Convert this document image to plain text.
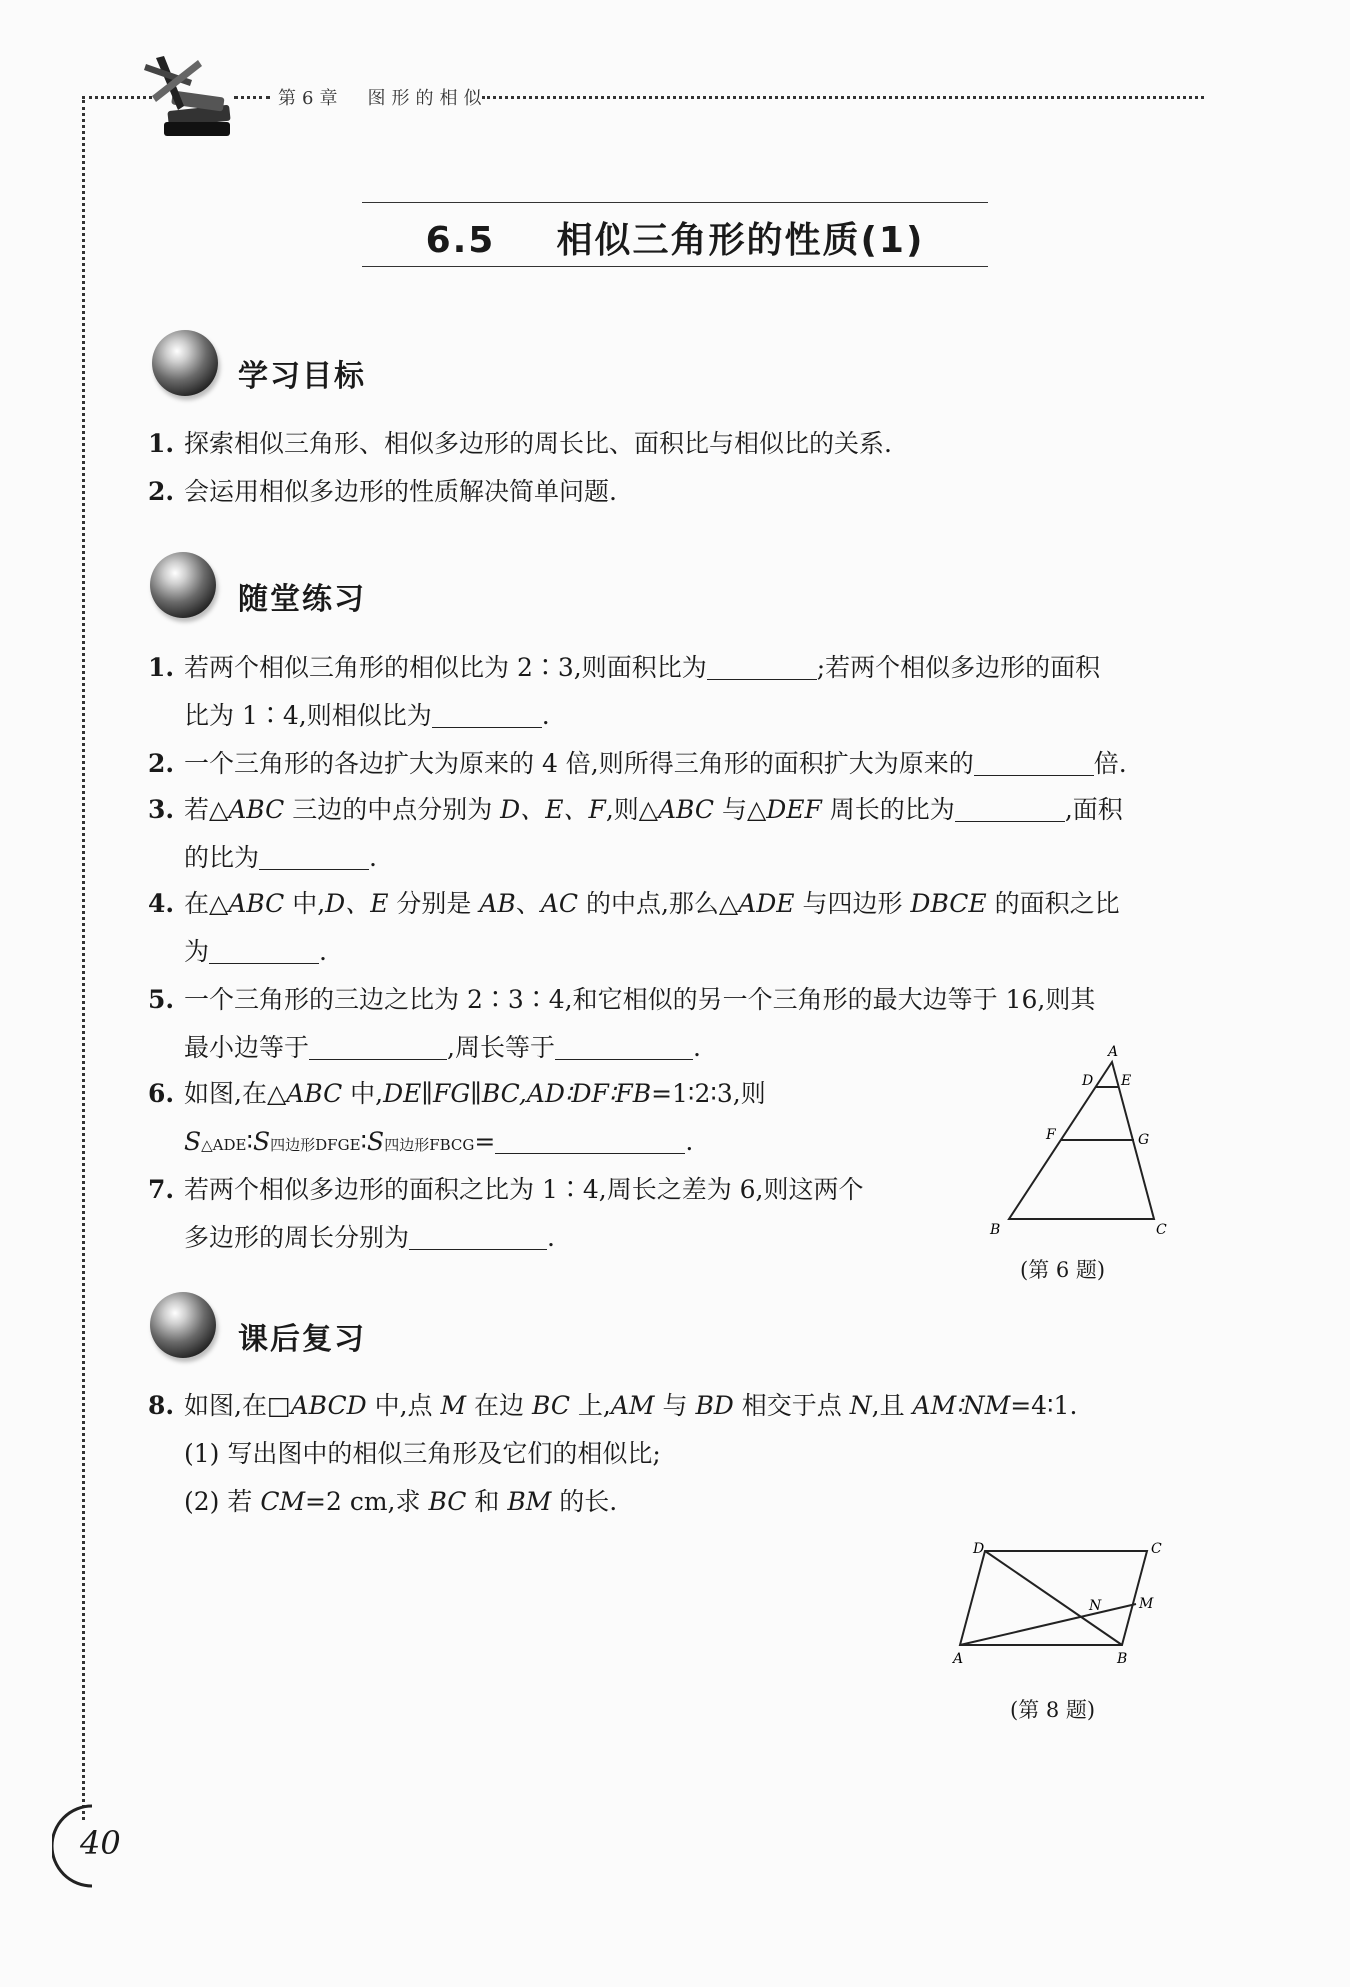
第6章　图形的相似
6.5 相似三角形的性质(1)
学习目标
1. 探索相似三角形、相似多边形的周长比、面积比与相似比的关系.
2. 会运用相似多边形的性质解决简单问题.
随堂练习
1. 若两个相似三角形的相似比为 2∶3,则面积比为	;若两个相似多边形的面积
比为 1∶4,则相似比为	.
2. 一个三角形的各边扩大为原来的 4 倍,则所得三角形的面积扩大为原来的	倍.
3. 若△ABC 三边的中点分别为 D、E、F,则△ABC 与△DEF 周长的比为	,面积
的比为	.
4. 在△ABC 中,D、E 分别是 AB、AC 的中点,那么△ADE 与四边形 DBCE 的面积之比
为	.
5. 一个三角形的三边之比为 2∶3∶4,和它相似的另一个三角形的最大边等于 16,则其
最小边等于	,周长等于	.
6. 如图,在△ABC 中,DE∥FG∥BC,AD∶DF∶FB=1∶2∶3,则
S△ADE∶S四边形DFGE∶S四边形FBCG=	.
7. 若两个相似多边形的面积之比为 1∶4,周长之差为 6,则这两个
多边形的周长分别为	.
A
D E
F	G
B	C
(第 6 题)
课后复习
8. 如图,在□ABCD 中,点 M 在边 BC 上,AM 与 BD 相交于点 N,且 AM∶NM=4∶1.
(1) 写出图中的相似三角形及它们的相似比;
(2) 若 CM=2 cm,求 BC 和 BM 的长.
D	C
N	M
A	B
(第 8 题)
40
